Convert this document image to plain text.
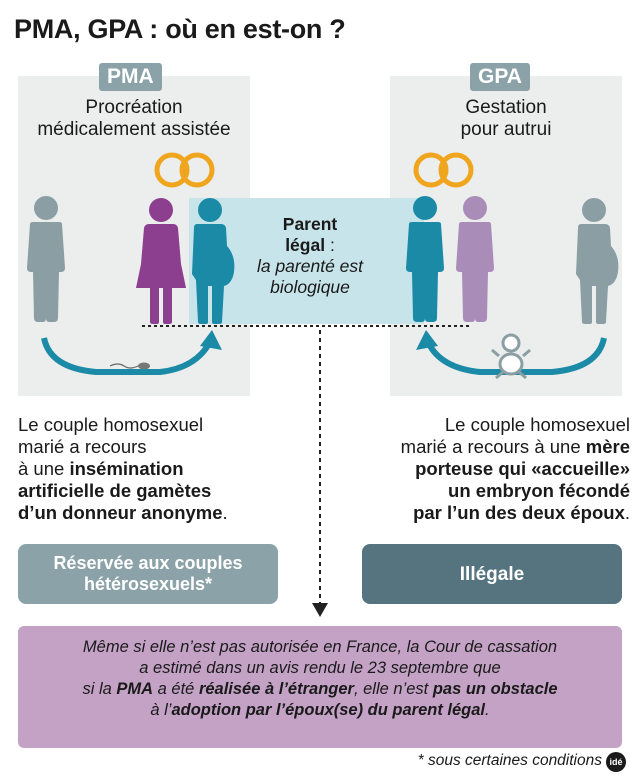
PMA, GPA : où en est-on ?
PMA	GPA
Procréation
médicalement assistée
Gestation
pour autrui
Parent
légal :
la parenté est
biologique
Le couple homosexuel
marié a recours
à une insémination
artificielle de gamètes
d’un donneur anonyme.
Le couple homosexuel
marié a recours à une mère
porteuse qui «accueille»
un embryon fécondé
par l’un des deux époux.
Réservée aux couples
hétérosexuels*	Illégale
Même si elle n’est pas autorisée en France, la Cour de cassation
a estimé dans un avis rendu le 23 septembre que
si la PMA a été réalisée à l’étranger, elle n’est pas un obstacle
à l’adoption par l’époux(se) du parent légal.
* sous certaines conditions idé
